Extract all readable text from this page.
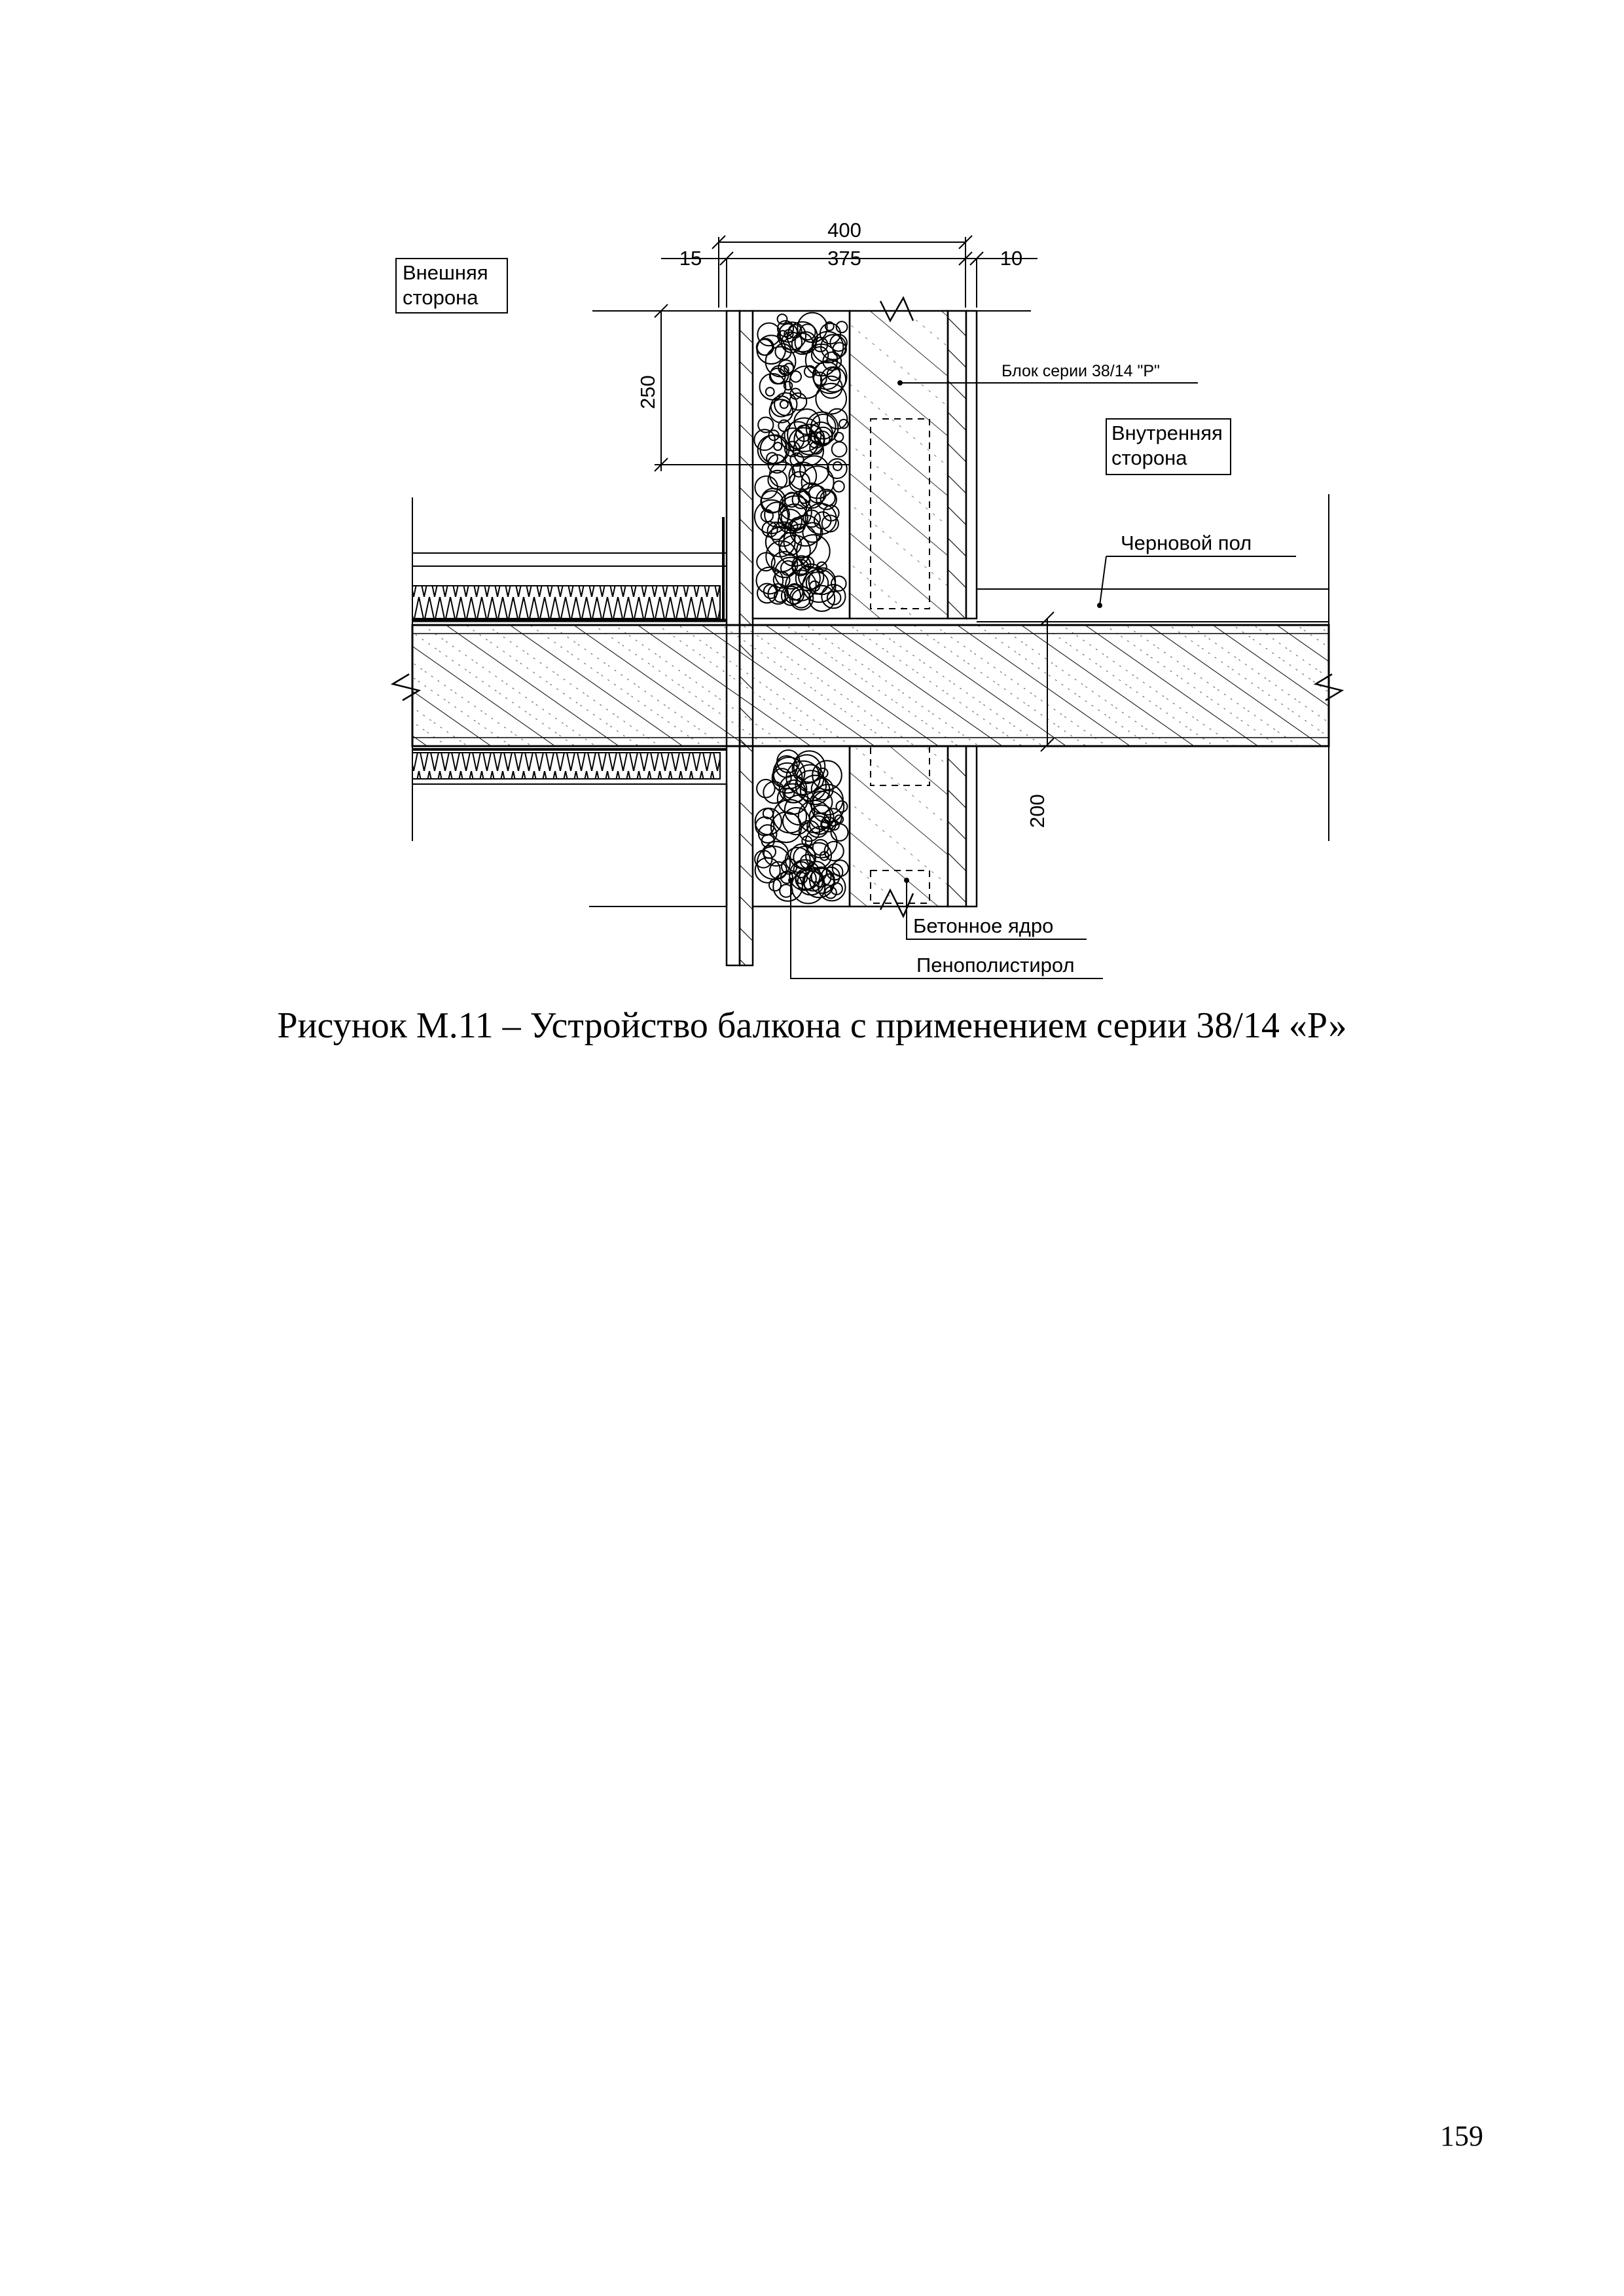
400
15	375	10
250
200
Внешняя
сторона
Внутренняя
сторона
Блок серии 38/14 "Р"
Черновой пол
Бетонное ядро
Пенополистирол
Рисунок М.11 – Устройство балкона с применением серии 38/14 «Р»
159
